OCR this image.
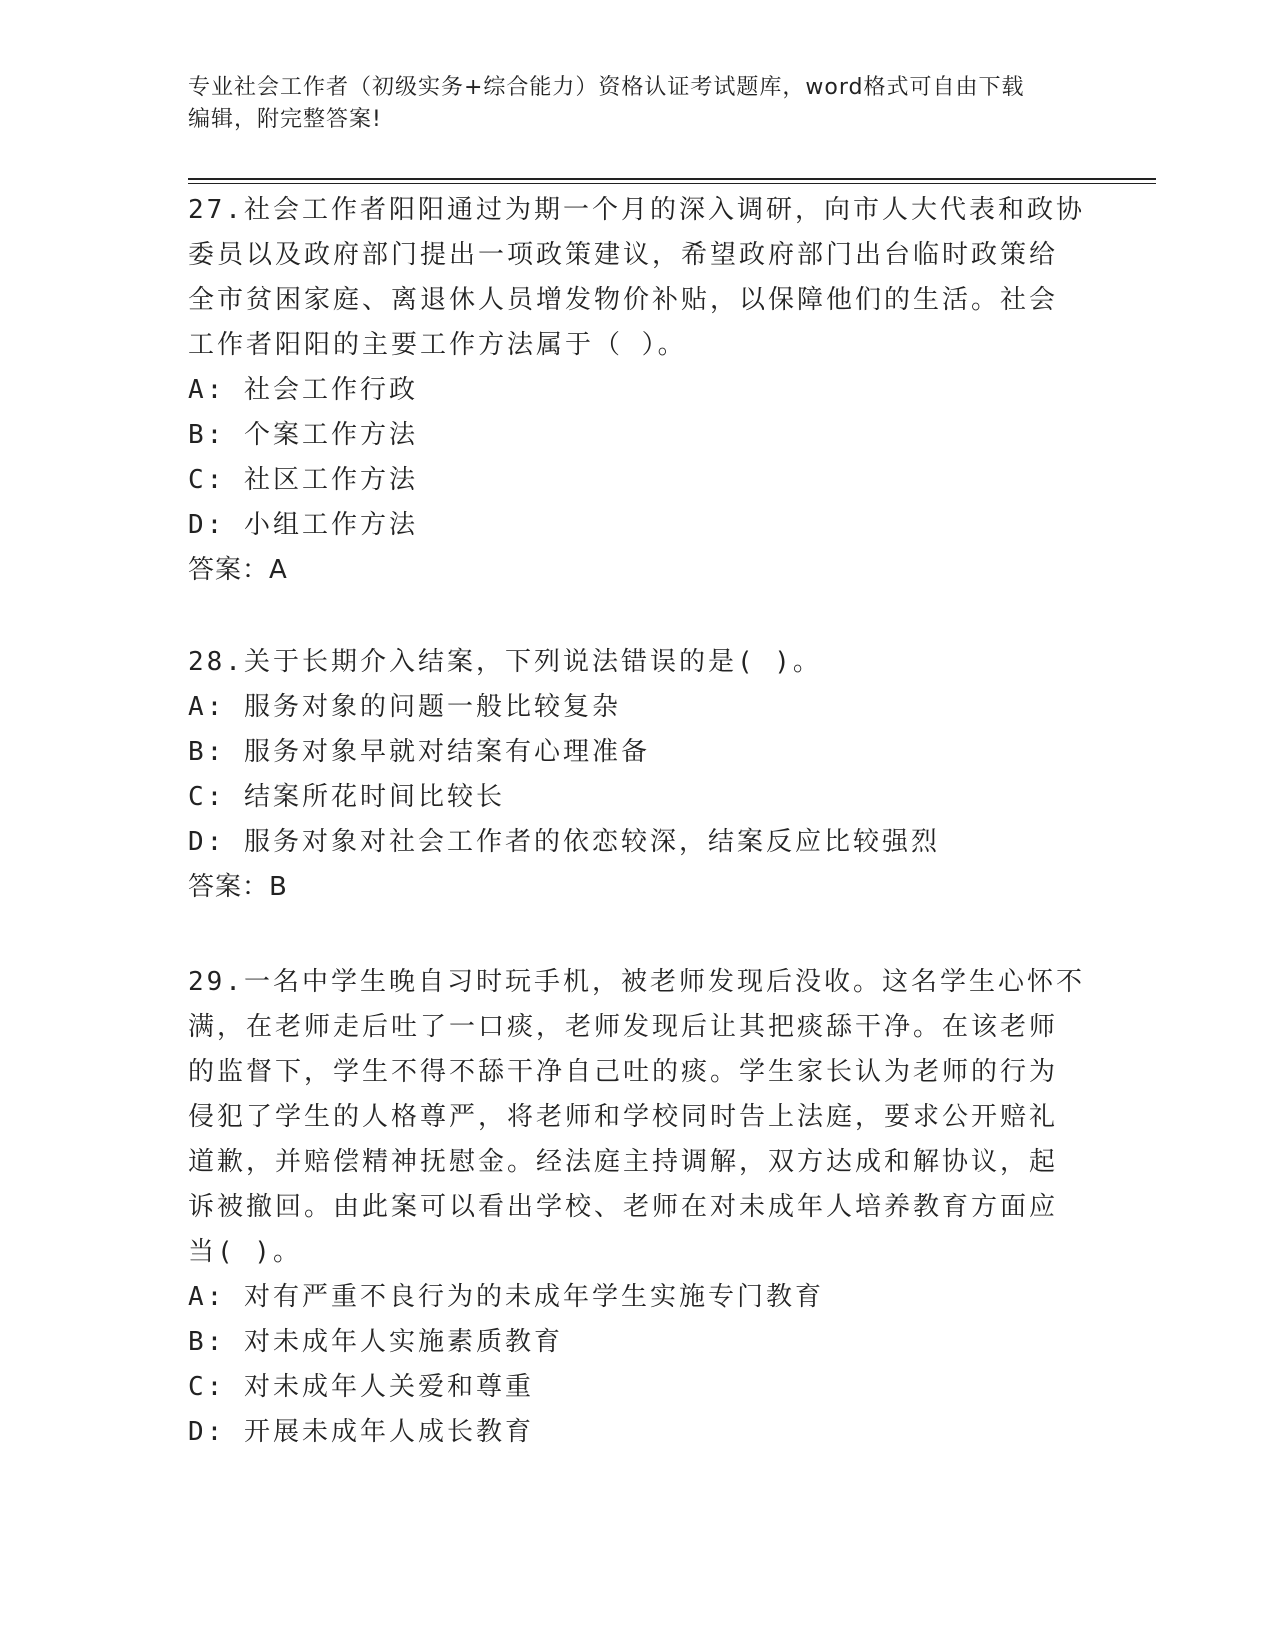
专业社会工作者（初级实务+综合能力）资格认证考试题库，word格式可自由下载
编辑，附完整答案!

27.社会工作者阳阳通过为期一个月的深入调研，向市人大代表和政协

委员以及政府部门提出一项政策建议，希望政府部门出台临时政策给

全市贫困家庭、离退休人员增发物价补贴，以保障他们的生活。社会

工作者阳阳的主要工作方法属于（ ）。

A: 社会工作行政

B: 个案工作方法

C: 社区工作方法

D: 小组工作方法

答案：A

28.关于长期介入结案，下列说法错误的是( )。

A: 服务对象的问题一般比较复杂

B: 服务对象早就对结案有心理准备

C: 结案所花时间比较长

D: 服务对象对社会工作者的依恋较深，结案反应比较强烈

答案：B

29.一名中学生晚自习时玩手机，被老师发现后没收。这名学生心怀不

满，在老师走后吐了一口痰，老师发现后让其把痰舔干净。在该老师

的监督下，学生不得不舔干净自己吐的痰。学生家长认为老师的行为

侵犯了学生的人格尊严，将老师和学校同时告上法庭，要求公开赔礼

道歉，并赔偿精神抚慰金。经法庭主持调解，双方达成和解协议，起

诉被撤回。由此案可以看出学校、老师在对未成年人培养教育方面应

当( )。

A: 对有严重不良行为的未成年学生实施专门教育

B: 对未成年人实施素质教育

C: 对未成年人关爱和尊重

D: 开展未成年人成长教育
